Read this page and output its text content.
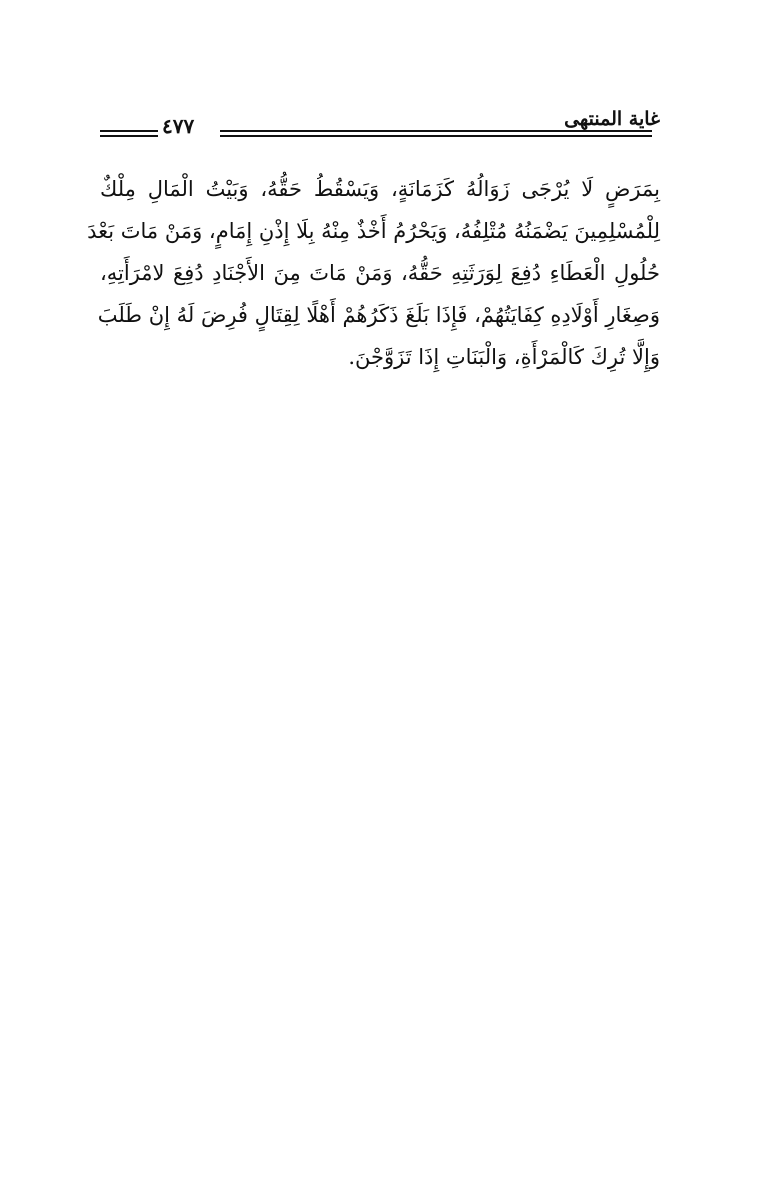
غاية المنتهى
٤٧٧
بِمَرَضٍ لَا يُرْجَى زَوَالُهُ كَزَمَانَةٍ، وَيَسْقُطُ حَقُّهُ، وَبَيْتُ الْمَالِ مِلْكٌ
لِلْمُسْلِمِينَ يَضْمَنُهُ مُتْلِفُهُ، وَيَحْرُمُ أَخْذٌ مِنْهُ بِلَا إِذْنِ إِمَامٍ، وَمَنْ مَاتَ بَعْدَ
حُلُولِ الْعَطَاءِ دُفِعَ لِوَرَثَتِهِ حَقُّهُ، وَمَنْ مَاتَ مِنَ الأَجْنَادِ دُفِعَ لامْرَأَتِهِ،
وَصِغَارِ أَوْلَادِهِ كِفَايَتُهُمْ، فَإِذَا بَلَغَ ذَكَرُهُمْ أَهْلًا لِقِتَالٍ فُرِضَ لَهُ إِنْ طَلَبَ
وَإِلَّا تُرِكَ كَالْمَرْأَةِ، وَالْبَنَاتِ إِذَا تَزَوَّجْنَ.
